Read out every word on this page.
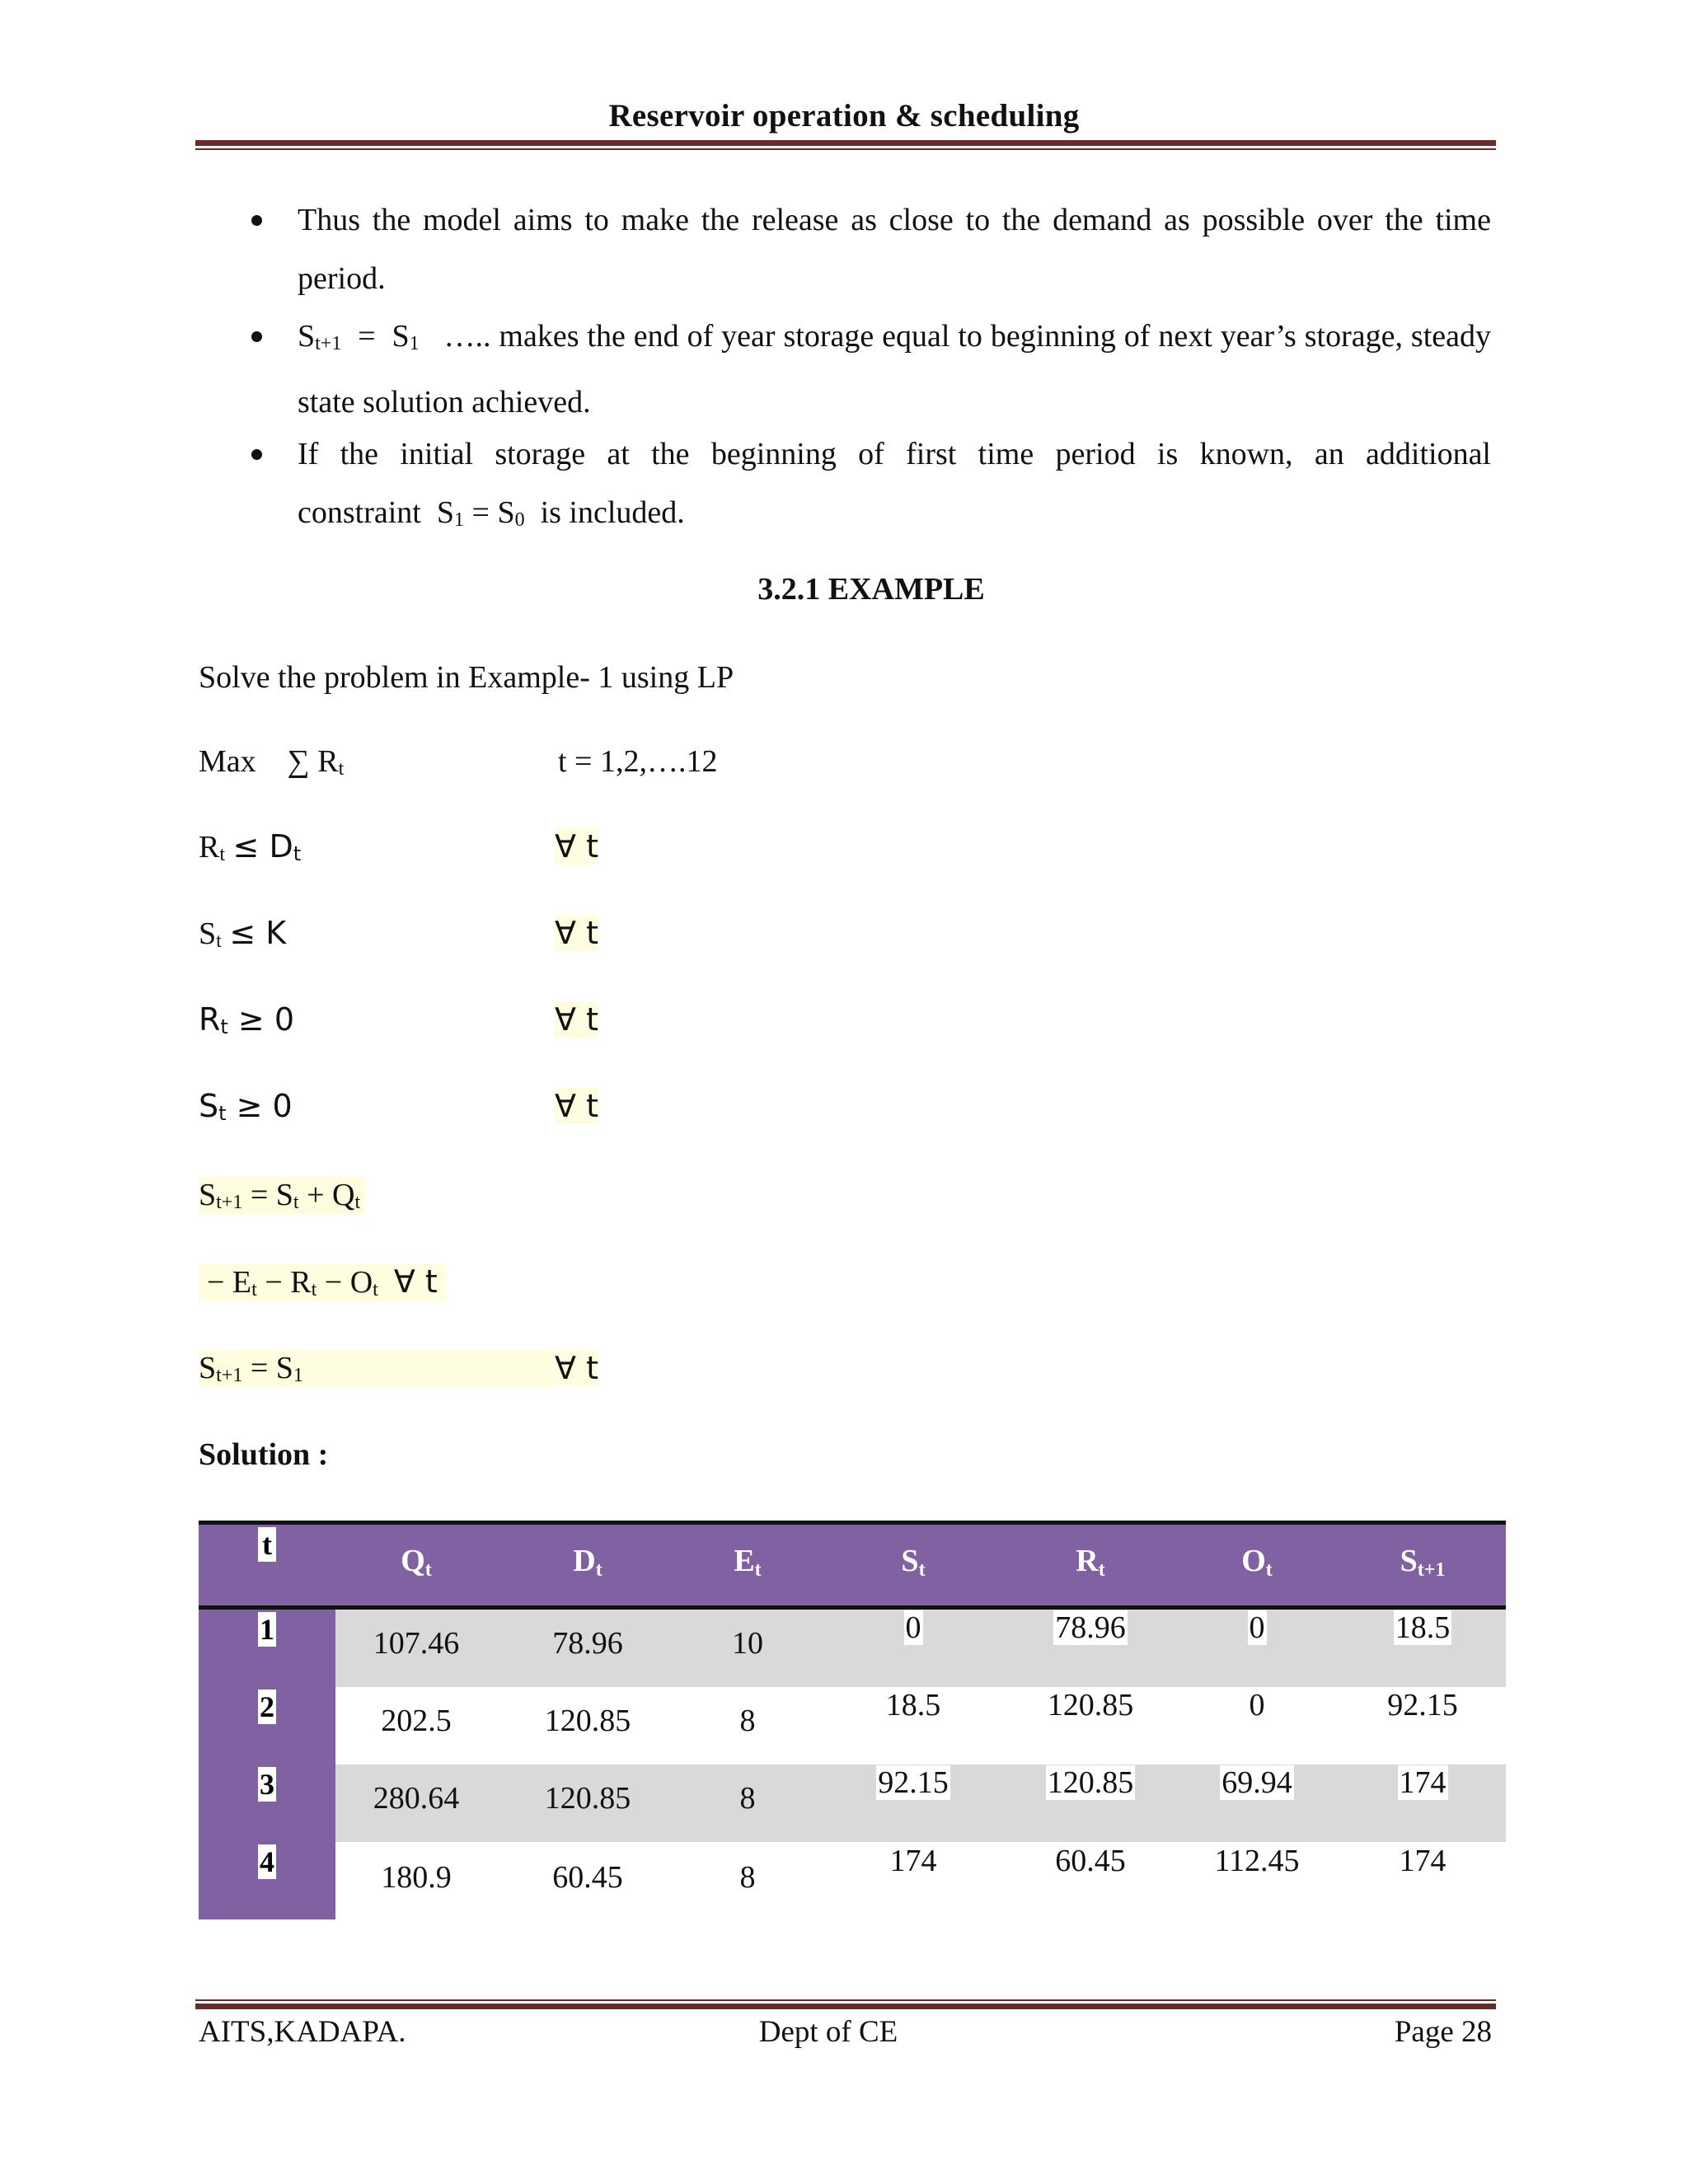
Reservoir operation & scheduling
Thus the model aims to make the release as close to the demand as possible over the time period.
$S_{t+1} = S_1$ ….. makes the end of year storage equal to beginning of next year’s storage, steady state solution achieved.
If the initial storage at the beginning of first time period is known, an additional constraint $S_1 = S_0$ is included.
3.2.1 EXAMPLE
Solve the problem in Example- 1 using LP
Max ∑ $R_t$	t = 1,2,….12
$R_t \le D_t$	∀ t
$S_t \le K$	∀ t
$R_t \ge 0$	∀ t
$S_t \ge 0$	∀ t
$S_{t+1} = S_t + Q_t$
− $E_t - R_t - O_t$ ∀ t
$S_{t+1} = S_1$	∀ t
Solution :
t	$Q_t$	$D_t$	$E_t$	$S_t$	$R_t$	$O_t$	$S_{t+1}$
1	107.46	78.96	10	0	78.96	0	18.5
2	202.5	120.85	8	18.5	120.85	0	92.15
3	280.64	120.85	8	92.15	120.85	69.94	174
4	180.9	60.45	8	174	60.45	112.45	174
AITS,KADAPA.	Dept of CE	Page 28
